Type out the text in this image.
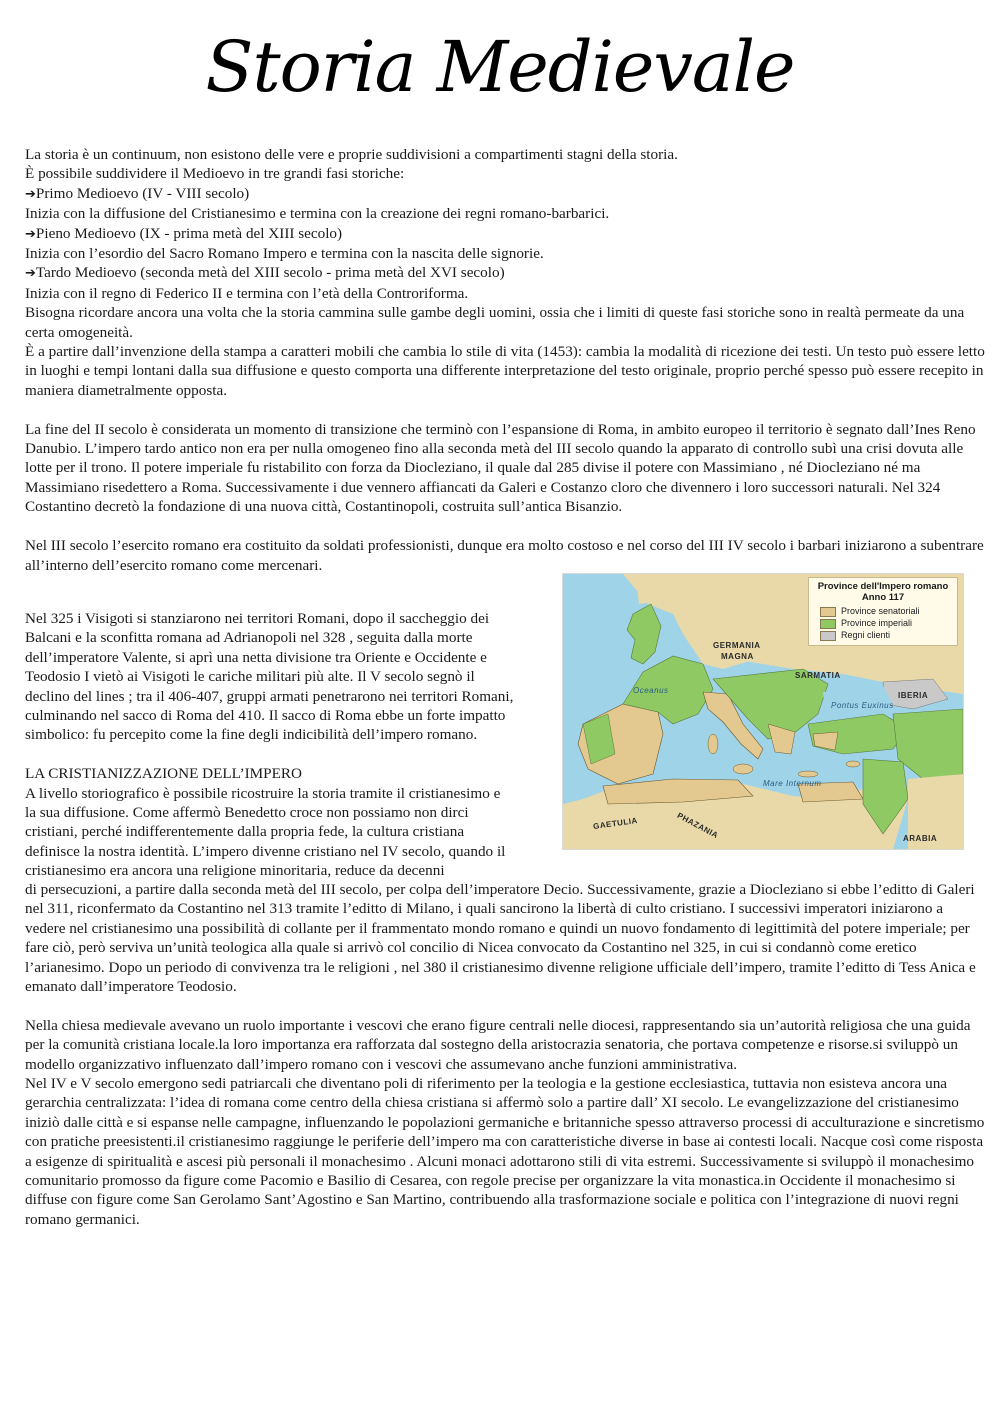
Storia Medievale

La storia è un continuum, non esistono delle vere e proprie suddivisioni a compartimenti stagni della storia.

È possibile suddividere il Medioevo in tre grandi fasi storiche:

➔Primo Medioevo (IV - VIII secolo)

Inizia con la diffusione del Cristianesimo e termina con la creazione dei regni romano-barbarici.

➔Pieno Medioevo (IX - prima metà del XIII secolo)

Inizia con l’esordio del Sacro Romano Impero e termina con la nascita delle signorie.

➔Tardo Medioevo (seconda metà del XIII secolo - prima metà del XVI secolo)

Inizia con il regno di Federico II e termina con l’età della Controriforma.

Bisogna ricordare ancora una volta che la storia cammina sulle gambe degli uomini, ossia che i limiti di queste fasi storiche sono in realtà permeate da una certa omogeneità.

È a partire dall’invenzione della stampa a caratteri mobili che cambia lo stile di vita (1453): cambia la modalità di ricezione dei testi. Un testo può essere letto in luoghi e tempi lontani dalla sua diffusione e questo comporta una differente interpretazione del testo originale, proprio perché spesso può essere recepito in maniera diametralmente opposta.

La fine del II secolo è considerata un momento di transizione che terminò con l’espansione di Roma, in ambito europeo il territorio è segnato dall’Ines Reno Danubio. L’impero tardo antico non era per nulla omogeneo fino alla seconda metà del III secolo quando la apparato di controllo subì una crisi dovuta alle lotte per il trono. Il potere imperiale fu ristabilito con forza da Diocleziano, il quale dal 285 divise il potere con Massimiano , né Diocleziano né ma Massimiano risedettero a Roma. Successivamente i due vennero affiancati da Galeri e Costanzo cloro che divennero i loro successori naturali. Nel 324 Costantino decretò la fondazione di una nuova città, Costantinopoli, costruita sull’antica Bisanzio.

Nel III secolo l’esercito romano era costituito da soldati professionisti, dunque era molto costoso e nel corso del III IV secolo i barbari iniziarono a subentrare all’interno dell’esercito romano come mercenari.

Nel 325 i Visigoti si stanziarono nei territori Romani, dopo il saccheggio dei

Balcani e la sconfitta romana ad Adrianopoli nel 328 , seguita dalla morte

dell’imperatore Valente, si aprì una netta divisione tra Oriente e Occidente e

Teodosio I vietò ai Visigoti le cariche militari più alte. Il V secolo segnò il

declino del lines ; tra il 406-407, gruppi armati penetrarono nei territori Romani,

culminando nel sacco di Roma del 410. Il sacco di Roma ebbe un forte impatto

simbolico: fu percepito come la fine degli indicibilità dell’impero romano.

LA CRISTIANIZZAZIONE DELL’IMPERO

A livello storiografico è possibile ricostruire la storia tramite il cristianesimo e

la sua diffusione. Come affermò Benedetto croce non possiamo non dirci

cristiani, perché indifferentemente dalla propria fede, la cultura cristiana

definisce la nostra identità. L’impero divenne cristiano nel IV secolo, quando il

cristianesimo era ancora una religione minoritaria, reduce da decenni

di persecuzioni, a partire dalla seconda metà del III secolo, per colpa dell’imperatore Decio. Successivamente, grazie a Diocleziano si ebbe l’editto di Galeri nel 311, riconfermato da Costantino nel 313 tramite l’editto di Milano, i quali sancirono la libertà di culto cristiano. I successivi imperatori iniziarono a vedere nel cristianesimo una possibilità di collante per il frammentato mondo romano e quindi un nuovo fondamento di legittimità del potere imperiale; per fare ciò, però serviva un’unità teologica alla quale si arrivò col concilio di Nicea convocato da Costantino nel 325, in cui si condannò come eretico l’arianesimo. Dopo un periodo di convivenza tra le religioni , nel 380 il cristianesimo divenne religione ufficiale dell’impero, tramite l’editto di Tess Anica e emanato dall’imperatore Teodosio.

Nella chiesa medievale avevano un ruolo importante i vescovi che erano figure centrali nelle diocesi, rappresentando sia un’autorità religiosa che una guida per la comunità cristiana locale.la loro importanza era rafforzata dal sostegno della aristocrazia senatoria, che portava competenze e risorse.si sviluppò un modello organizzativo influenzato dall’impero romano con i vescovi che assumevano anche funzioni amministrativa.

Nel IV e V secolo emergono sedi patriarcali che diventano poli di riferimento per la teologia e la gestione ecclesiastica, tuttavia non esisteva ancora una gerarchia centralizzata: l’idea di romana come centro della chiesa cristiana si affermò solo a partire dall’ XI secolo. Le evangelizzazione del cristianesimo iniziò dalle città e si espanse nelle campagne, influenzando le popolazioni germaniche e britanniche spesso attraverso processi di acculturazione e sincretismo con pratiche preesistenti.il cristianesimo raggiunge le periferie dell’impero ma con caratteristiche diverse in base ai contesti locali. Nacque così come risposta a esigenze di spiritualità e ascesi più personali il monachesimo . Alcuni monaci adottarono stili di vita estremi. Successivamente si sviluppò il monachesimo comunitario promosso da figure come Pacomio e Basilio di Cesarea, con regole precise per organizzare la vita monastica.in Occidente il monachesimo si diffuse con figure come San Gerolamo Sant’Agostino e San Martino, contribuendo alla trasformazione sociale e politica con l’integrazione di nuovi regni romano germanici.

Province dell'Impero romano
Anno 117
Province senatoriali
Province imperiali
Regni clienti
Oceanus
GERMANIA
MAGNA
SARMATIA
IBERIA
Pontus Euxinus
Mare Internum
GAETULIA	PHAZANIA	ARABIA
